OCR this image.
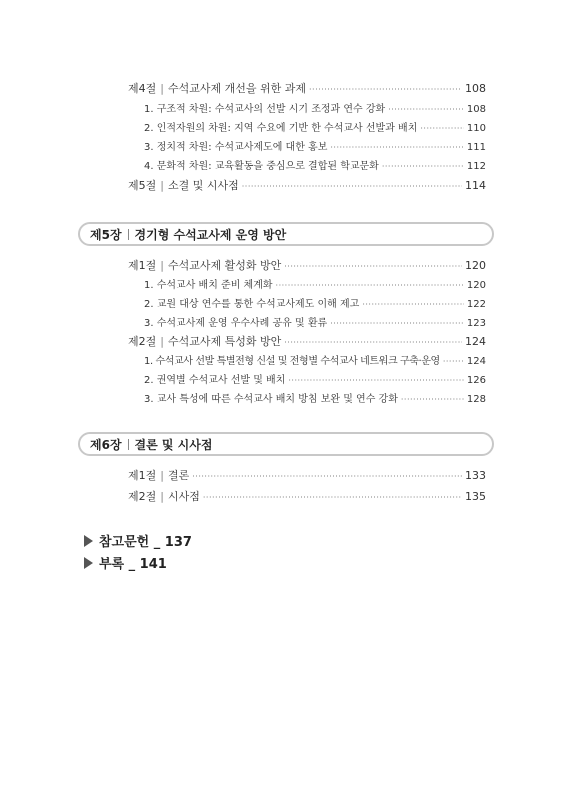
제4절 | 수석교사제 개선을 위한 과제 ·····	108
1. 구조적 차원: 수석교사의 선발 시기 조정과 연수 강화 ·····	108
2. 인적자원의 차원: 지역 수요에 기반 한 수석교사 선발과 배치 ·····	110
3. 정치적 차원: 수석교사제도에 대한 홍보 ·····	111
4. 문화적 차원: 교육활동을 중심으로 결합된 학교문화 ·····	112
제5절 | 소결 및 시사점 ·····	114
제5장 경기형 수석교사제 운영 방안
제1절 | 수석교사제 활성화 방안 ·····	120
1. 수석교사 배치 준비 체계화 ·····	120
2. 교원 대상 연수를 통한 수석교사제도 이해 제고 ·····	122
3. 수석교사제 운영 우수사례 공유 및 환류 ·····	123
제2절 | 수석교사제 특성화 방안 ·····	124
1. 수석교사 선발 특별전형 신설 및 전형별 수석교사 네트워크 구축·운영 ·····	124
2. 권역별 수석교사 선발 및 배치 ·····	126
3. 교사 특성에 따른 수석교사 배치 방침 보완 및 연수 강화 ·····	128
제6장 결론 및 시사점
제1절 | 결론 ·····	133
제2절 | 시사점 ·····	135
참고문헌 _ 137
부록 _ 141
